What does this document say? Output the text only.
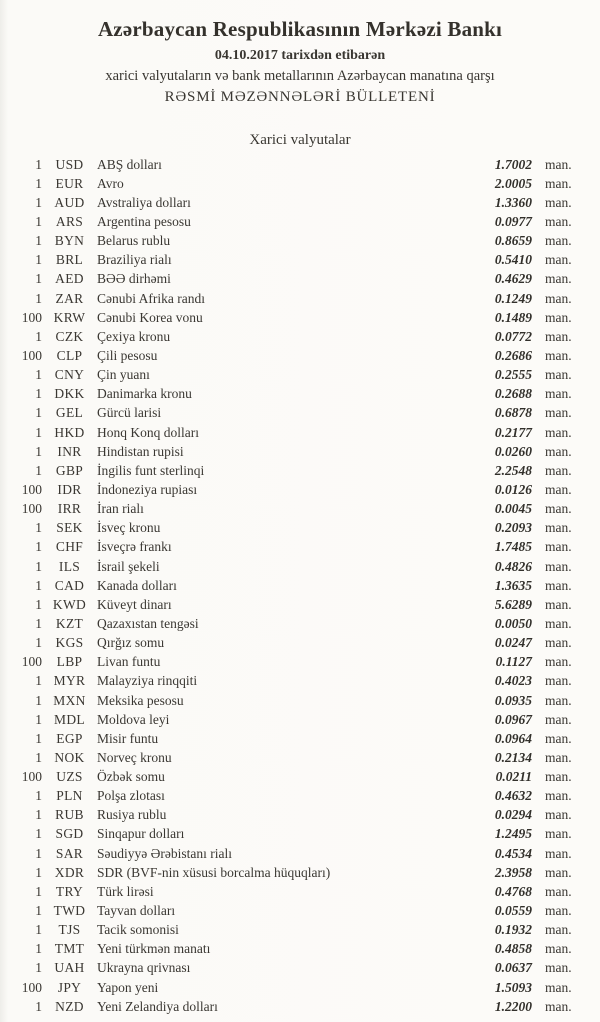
Azərbaycan Respublikasının Mərkəzi Bankı
04.10.2017 tarixdən etibarən
xarici valyutaların və bank metallarının Azərbaycan manatına qarşı
RƏSMİ MƏZƏNNƏLƏRİ BÜLLETENİ
Xarici valyutalar
1	USD	ABŞ dolları	1.7002 man.
1	EUR	Avro	2.0005 man.
1 AUD Avstraliya dolları	1.3360 man.
1	ARS	Argentina pesosu	0.0977 man.
1 BYN Belarus rublu	0.8659 man.
1	BRL	Braziliya rialı	0.5410 man.
1 AED BƏƏ dirhəmi	0.4629 man.
1	ZAR	Cənubi Afrika randı	0.1249 man.
100 KRW Cənubi Korea vonu	0.1489 man.
1	CZK	Çexiya kronu	0.0772 man.
100	CLP	Çili pesosu	0.2686 man.
1 CNY Çin yuanı	0.2555 man.
1 DKK Danimarka kronu	0.2688 man.
1	GEL	Gürcü larisi	0.6878 man.
1 HKD Honq Konq dolları	0.2177 man.
1	INR	Hindistan rupisi	0.0260 man.
1	GBP	İngilis funt sterlinqi	2.2548 man.
100	IDR	İndoneziya rupiası	0.0126 man.
100	IRR	İran rialı	0.0045 man.
1	SEK	İsveç kronu	0.2093 man.
1	CHF	İsveçrə frankı	1.7485 man.
1	ILS	İsrail şekeli	0.4826 man.
1 CAD Kanada dolları	1.3635 man.
1 KWD Küveyt dinarı	5.6289 man.
1	KZT	Qazaxıstan tengəsi	0.0050 man.
1	KGS	Qırğız somu	0.0247 man.
100	LBP	Livan funtu	0.1127 man.
1 MYR Malayziya rinqqiti	0.4023 man.
1 MXN Meksika pesosu	0.0935 man.
1 MDL Moldova leyi	0.0967 man.
1	EGP	Misir funtu	0.0964 man.
1 NOK Norveç kronu	0.2134 man.
100	UZS	Özbək somu	0.0211 man.
1	PLN	Polşa zlotası	0.4632 man.
1 RUB Rusiya rublu	0.0294 man.
1	SGD	Sinqapur dolları	1.2495 man.
1	SAR	Səudiyyə Ərəbistanı rialı	0.4534 man.
1 XDR SDR (BVF-nin xüsusi borcalma hüquqları)	2.3958 man.
1	TRY	Türk lirəsi	0.4768 man.
1 TWD Tayvan dolları	0.0559 man.
1	TJS	Tacik somonisi	0.1932 man.
1 TMT Yeni türkmən manatı	0.4858 man.
1 UAH Ukrayna qrivnası	0.0637 man.
100	JPY	Yapon yeni	1.5093 man.
1 NZD Yeni Zelandiya dolları	1.2200 man.
